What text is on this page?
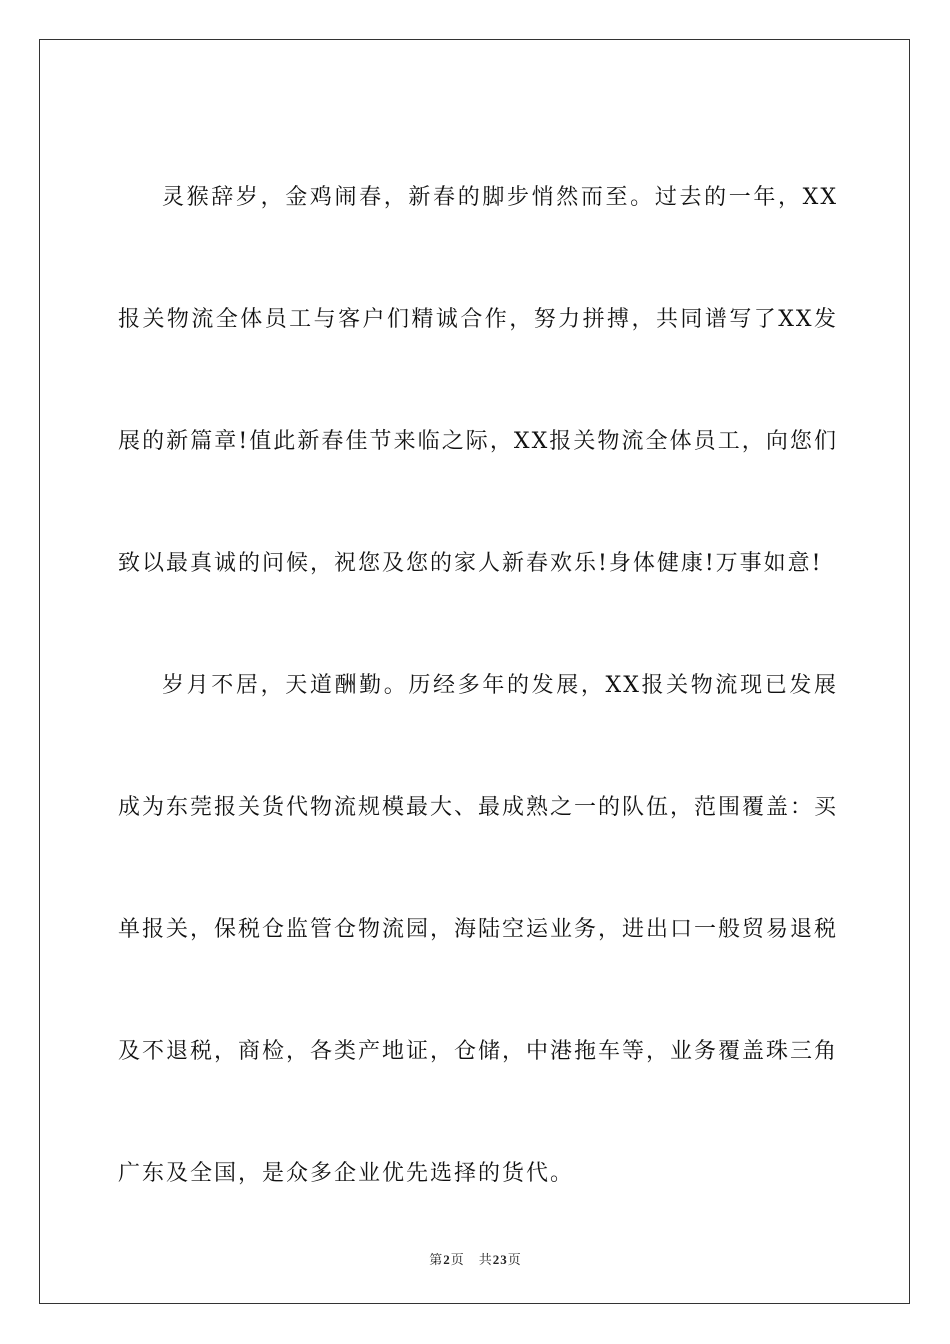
灵猴辞岁，金鸡闹春，新春的脚步悄然而至。过去的一年，XX报关物流全体员工与客户们精诚合作，努力拼搏，共同谱写了XX发展的新篇章!值此新春佳节来临之际，XX报关物流全体员工，向您们致以最真诚的问候，祝您及您的家人新春欢乐!身体健康!万事如意!

岁月不居，天道酬勤。历经多年的发展，XX报关物流现已发展成为东莞报关货代物流规模最大、最成熟之一的队伍，范围覆盖：买单报关，保税仓监管仓物流园，海陆空运业务，进出口一般贸易退税及不退税，商检，各类产地证，仓储，中港拖车等，业务覆盖珠三角广东及全国，是众多企业优先选择的货代。

第2页 共23页
